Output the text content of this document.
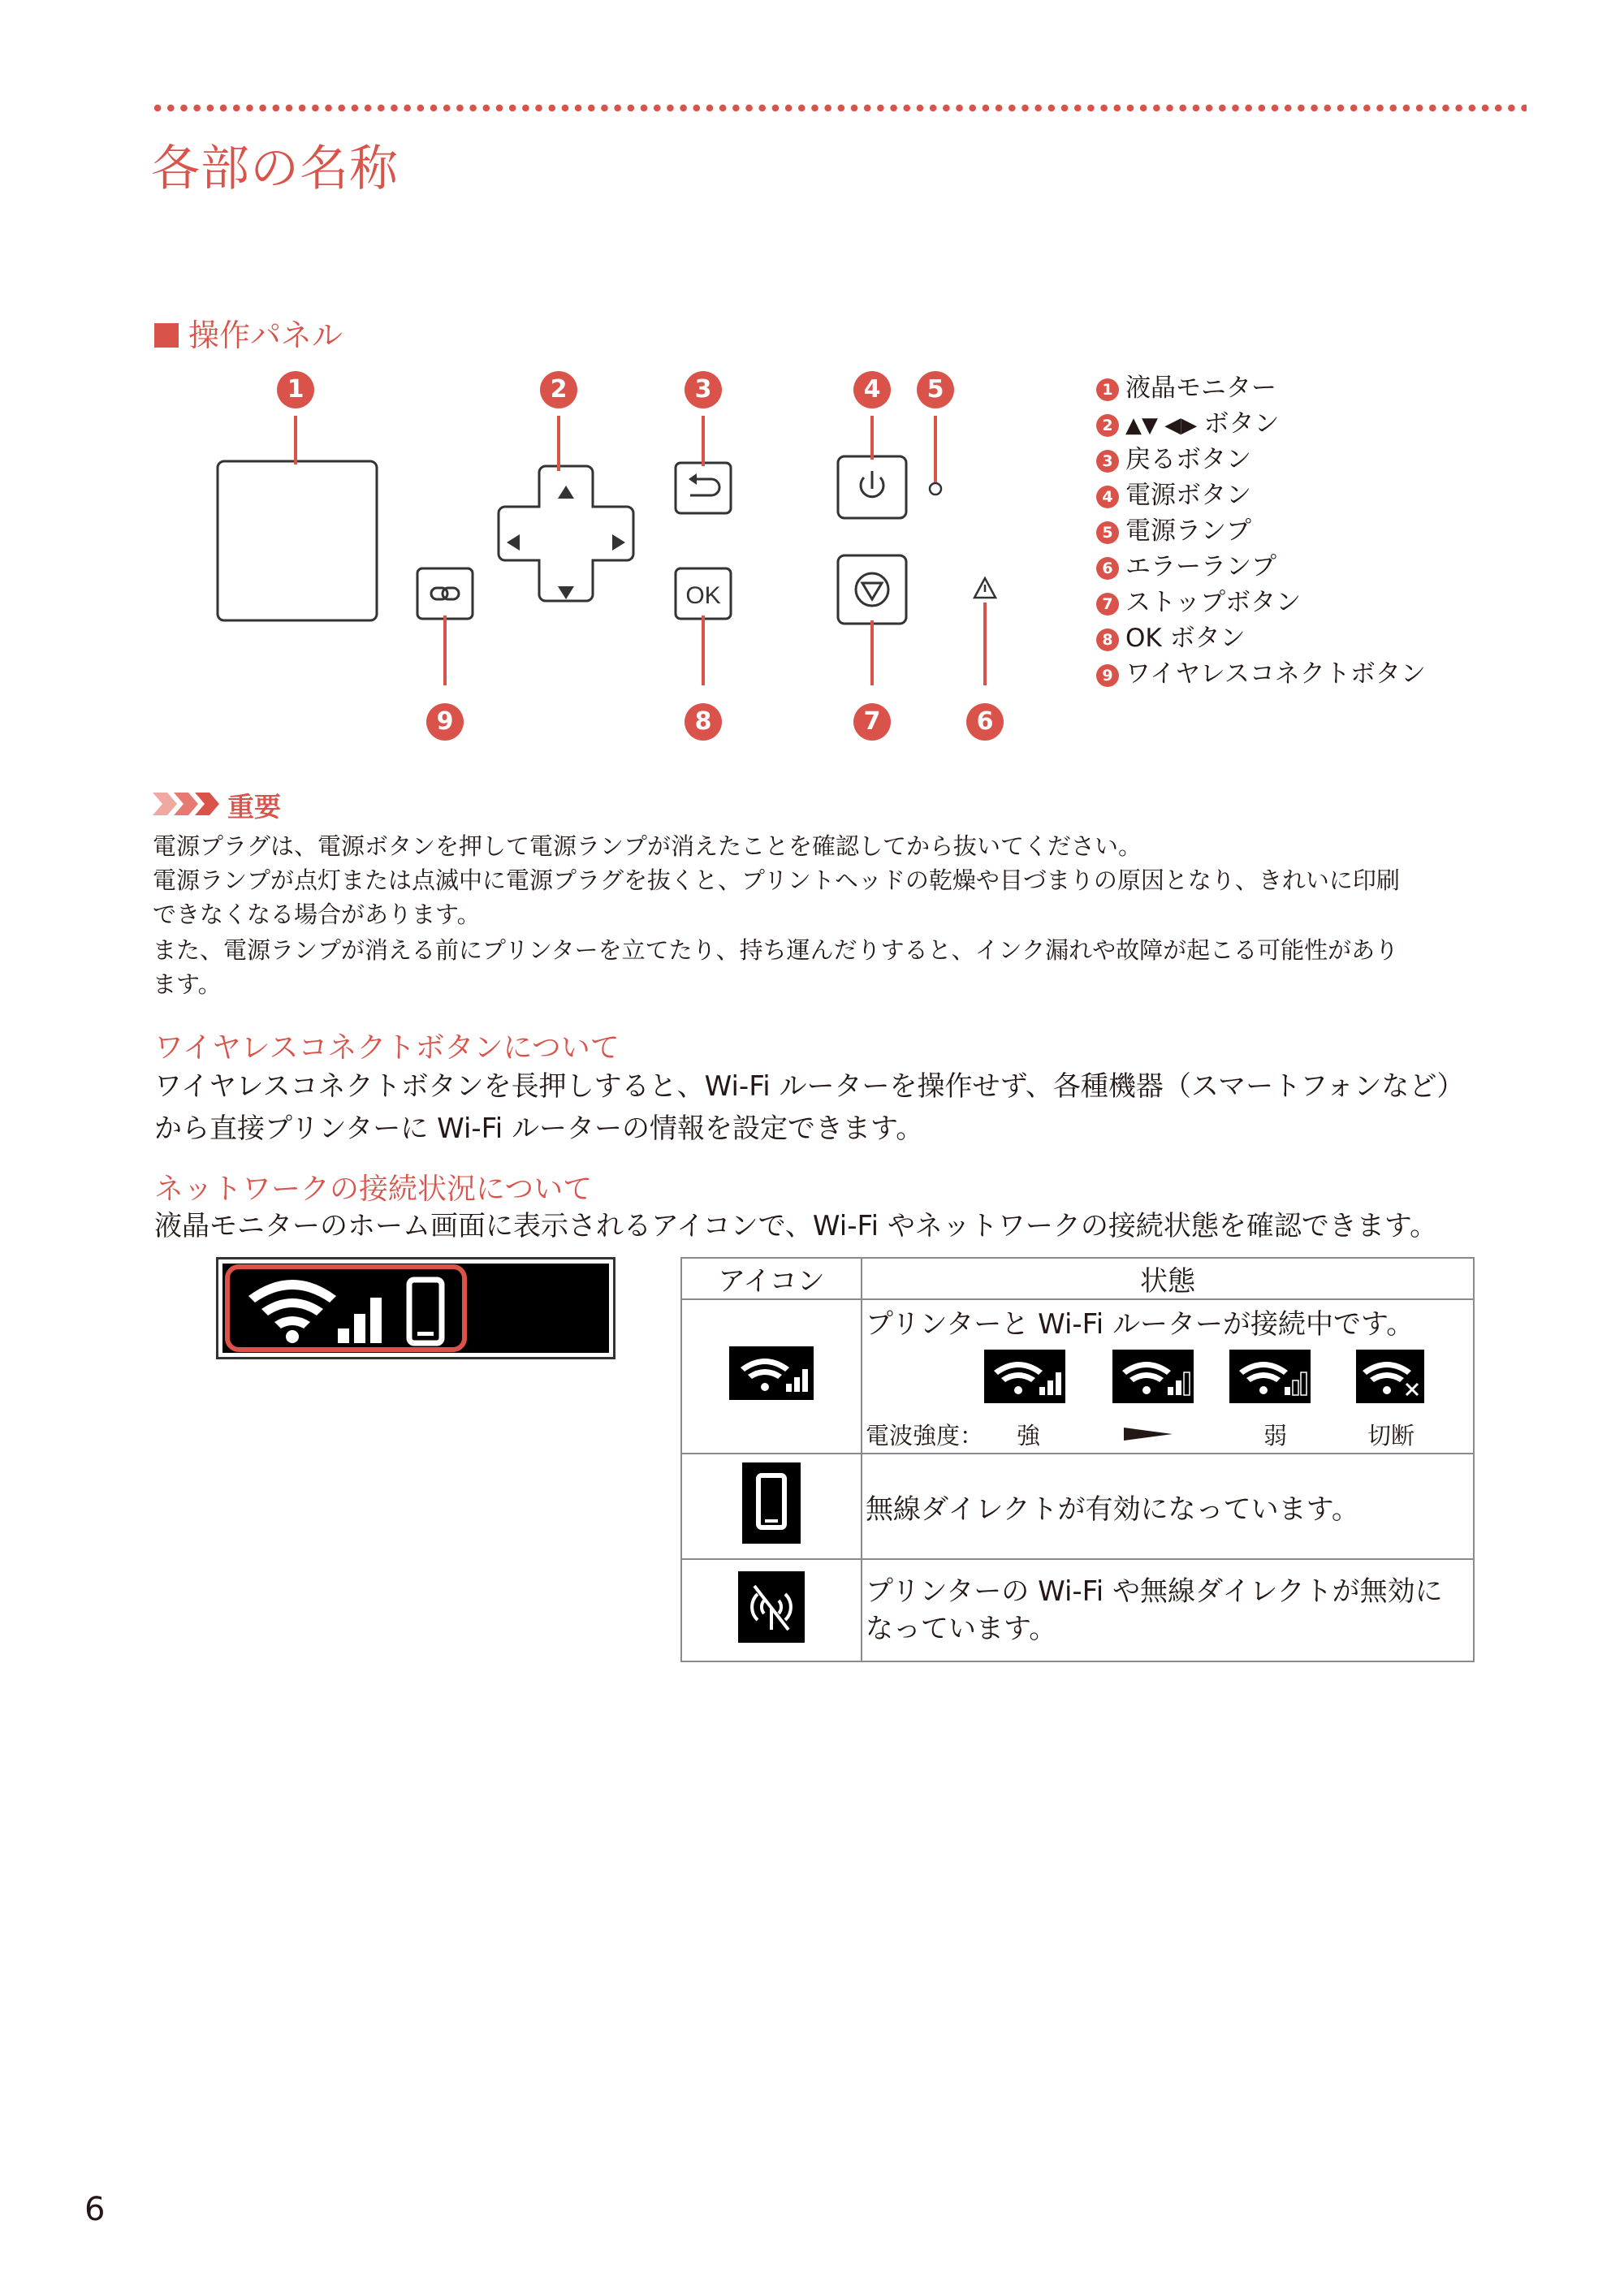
各部の名称
操作パネル
OK
1	2	3	4	5
6
7
8
9
1 液晶モニター
2 ▲▼ ◀▶ ボタン
3 戻るボタン
4 電源ボタン
5 電源ランプ
6 エラーランプ
7 ストップボタン
8 OK ボタン
9 ワイヤレスコネクトボタン
重要
電源プラグは、電源ボタンを押して電源ランプが消えたことを確認してから抜いてください。
電源ランプが点灯または点滅中に電源プラグを抜くと、プリントヘッドの乾燥や目づまりの原因となり、きれいに印刷
できなくなる場合があります。
また、電源ランプが消える前にプリンターを立てたり、持ち運んだりすると、インク漏れや故障が起こる可能性があり
ます。
ワイヤレスコネクトボタンについて
ワイヤレスコネクトボタンを長押しすると、Wi-Fi ルーターを操作せず、各種機器（スマートフォンなど）
から直接プリンターに Wi-Fi ルーターの情報を設定できます。
ネットワークの接続状況について
液晶モニターのホーム画面に表示されるアイコンで、Wi-Fi やネットワークの接続状態を確認できます。
アイコン	状態

プリンターと Wi-Fi ルーターが接続中です。
電波強度： 強 弱 切断

	無線ダイレクトが有効になっています。

プリンターの Wi-Fi や無線ダイレクトが無効に
なっています。
6
